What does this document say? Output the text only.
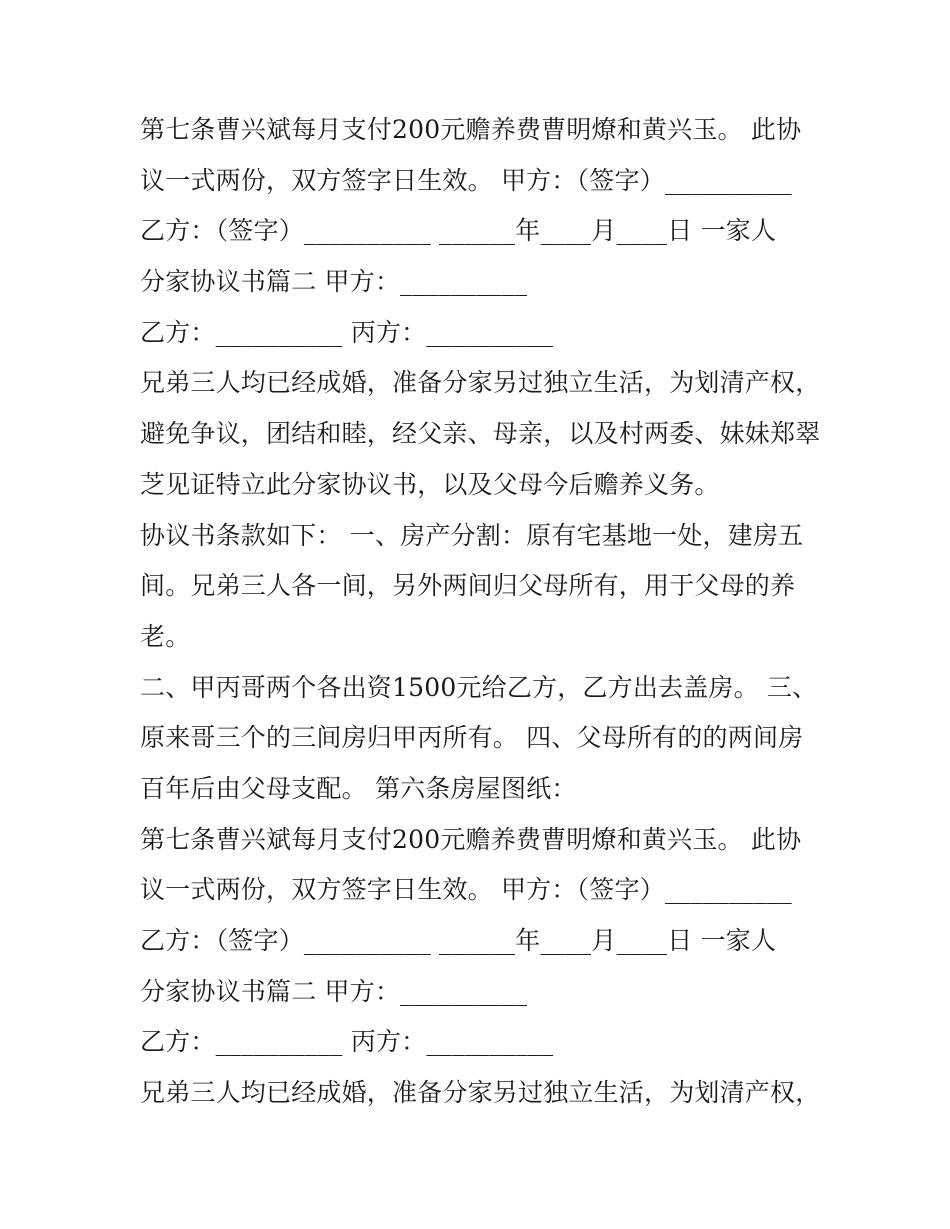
第七条曹兴斌每月支付200元赡养费曹明燎和黄兴玉。 此协
议一式两份，双方签字日生效。 甲方：（签字）__________
乙方：（签字）__________ ______年____月____日 一家人
分家协议书篇二 甲方：__________
乙方：__________ 丙方：__________
兄弟三人均已经成婚，准备分家另过独立生活，为划清产权，
避免争议，团结和睦，经父亲、母亲，以及村两委、妹妹郑翠
芝见证特立此分家协议书，以及父母今后赡养义务。
协议书条款如下： 一、房产分割：原有宅基地一处，建房五
间。兄弟三人各一间，另外两间归父母所有，用于父母的养
老。
二、甲丙哥两个各出资1500元给乙方，乙方出去盖房。 三、
原来哥三个的三间房归甲丙所有。 四、父母所有的的两间房
百年后由父母支配。 第六条房屋图纸：
第七条曹兴斌每月支付200元赡养费曹明燎和黄兴玉。 此协
议一式两份，双方签字日生效。 甲方：（签字）__________
乙方：（签字）__________ ______年____月____日 一家人
分家协议书篇二 甲方：__________
乙方：__________ 丙方：__________
兄弟三人均已经成婚，准备分家另过独立生活，为划清产权，
